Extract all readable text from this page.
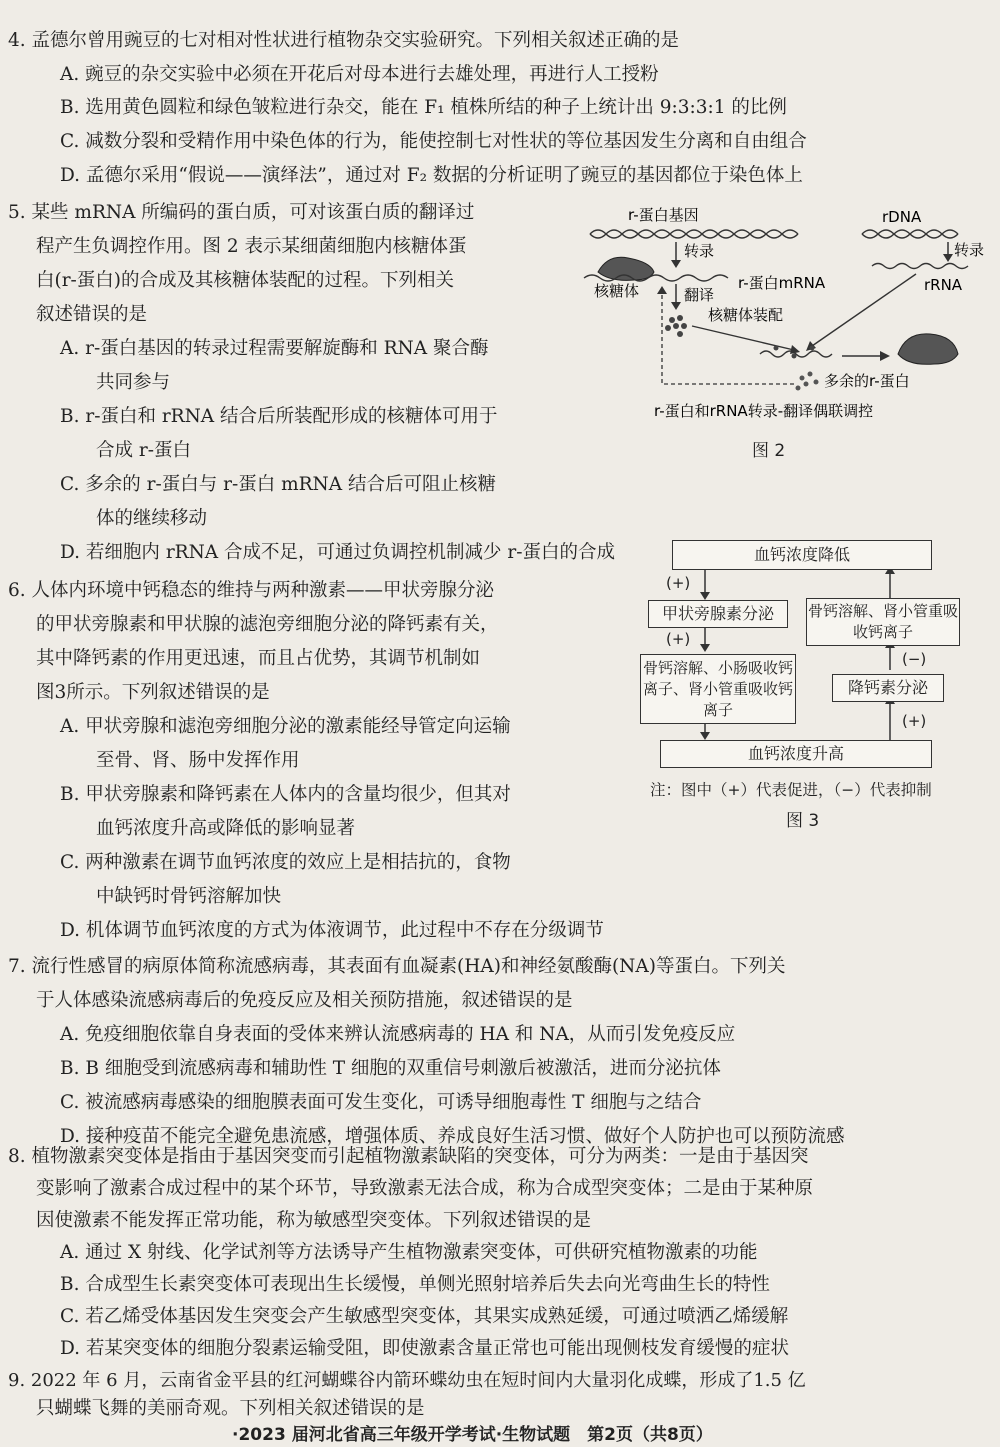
4. 孟德尔曾用豌豆的七对相对性状进行植物杂交实验研究。下列相关叙述正确的是
A. 豌豆的杂交实验中必须在开花后对母本进行去雄处理，再进行人工授粉
B. 选用黄色圆粒和绿色皱粒进行杂交，能在 F₁ 植株所结的种子上统计出 9:3:3:1 的比例
C. 减数分裂和受精作用中染色体的行为，能使控制七对性状的等位基因发生分离和自由组合
D. 孟德尔采用“假说——演绎法”，通过对 F₂ 数据的分析证明了豌豆的基因都位于染色体上
5. 某些 mRNA 所编码的蛋白质，可对该蛋白质的翻译过
程产生负调控作用。图 2 表示某细菌细胞内核糖体蛋
白(r-蛋白)的合成及其核糖体装配的过程。下列相关
叙述错误的是
A. r-蛋白基因的转录过程需要解旋酶和 RNA 聚合酶
共同参与
B. r-蛋白和 rRNA 结合后所装配形成的核糖体可用于
合成 r-蛋白
C. 多余的 r-蛋白与 r-蛋白 mRNA 结合后可阻止核糖
体的继续移动
D. 若细胞内 rRNA 合成不足，可通过负调控机制减少 r-蛋白的合成
r-蛋白基因	rDNA
转录	转录
rRNA
核糖体	翻译
r-蛋白mRNA
核糖体装配
多余的r-蛋白
r-蛋白和rRNA转录-翻译偶联调控
图 2
6. 人体内环境中钙稳态的维持与两种激素——甲状旁腺分泌
的甲状旁腺素和甲状腺的滤泡旁细胞分泌的降钙素有关，
其中降钙素的作用更迅速，而且占优势，其调节机制如
图3所示。下列叙述错误的是
A. 甲状旁腺和滤泡旁细胞分泌的激素能经导管定向运输
至骨、肾、肠中发挥作用
B. 甲状旁腺素和降钙素在人体内的含量均很少，但其对
血钙浓度升高或降低的影响显著
C. 两种激素在调节血钙浓度的效应上是相拮抗的，食物
中缺钙时骨钙溶解加快
D. 机体调节血钙浓度的方式为体液调节，此过程中不存在分级调节
血钙浓度降低
甲状旁腺素分泌
骨钙溶解、小肠吸收钙离子、肾小管重吸收钙离子
血钙浓度升高
骨钙溶解、肾小管重吸收钙离子
降钙素分泌
(+)
(+)
(−)
(+)
注：图中（+）代表促进，（−）代表抑制
图 3
7. 流行性感冒的病原体简称流感病毒，其表面有血凝素(HA)和神经氨酸酶(NA)等蛋白。下列关
于人体感染流感病毒后的免疫反应及相关预防措施，叙述错误的是
A. 免疫细胞依靠自身表面的受体来辨认流感病毒的 HA 和 NA，从而引发免疫反应
B. B 细胞受到流感病毒和辅助性 T 细胞的双重信号刺激后被激活，进而分泌抗体
C. 被流感病毒感染的细胞膜表面可发生变化，可诱导细胞毒性 T 细胞与之结合
D. 接种疫苗不能完全避免患流感，增强体质、养成良好生活习惯、做好个人防护也可以预防流感
8. 植物激素突变体是指由于基因突变而引起植物激素缺陷的突变体，可分为两类：一是由于基因突
变影响了激素合成过程中的某个环节，导致激素无法合成，称为合成型突变体；二是由于某种原
因使激素不能发挥正常功能，称为敏感型突变体。下列叙述错误的是
A. 通过 X 射线、化学试剂等方法诱导产生植物激素突变体，可供研究植物激素的功能
B. 合成型生长素突变体可表现出生长缓慢，单侧光照射培养后失去向光弯曲生长的特性
C. 若乙烯受体基因发生突变会产生敏感型突变体，其果实成熟延缓，可通过喷洒乙烯缓解
D. 若某突变体的细胞分裂素运输受阻，即使激素含量正常也可能出现侧枝发育缓慢的症状
9. 2022 年 6 月，云南省金平县的红河蝴蝶谷内箭环蝶幼虫在短时间内大量羽化成蝶，形成了1.5 亿
·2023 届河北省高三年级开学考试·生物试题　第2页（共8页）
只蝴蝶飞舞的美丽奇观。下列相关叙述错误的是
